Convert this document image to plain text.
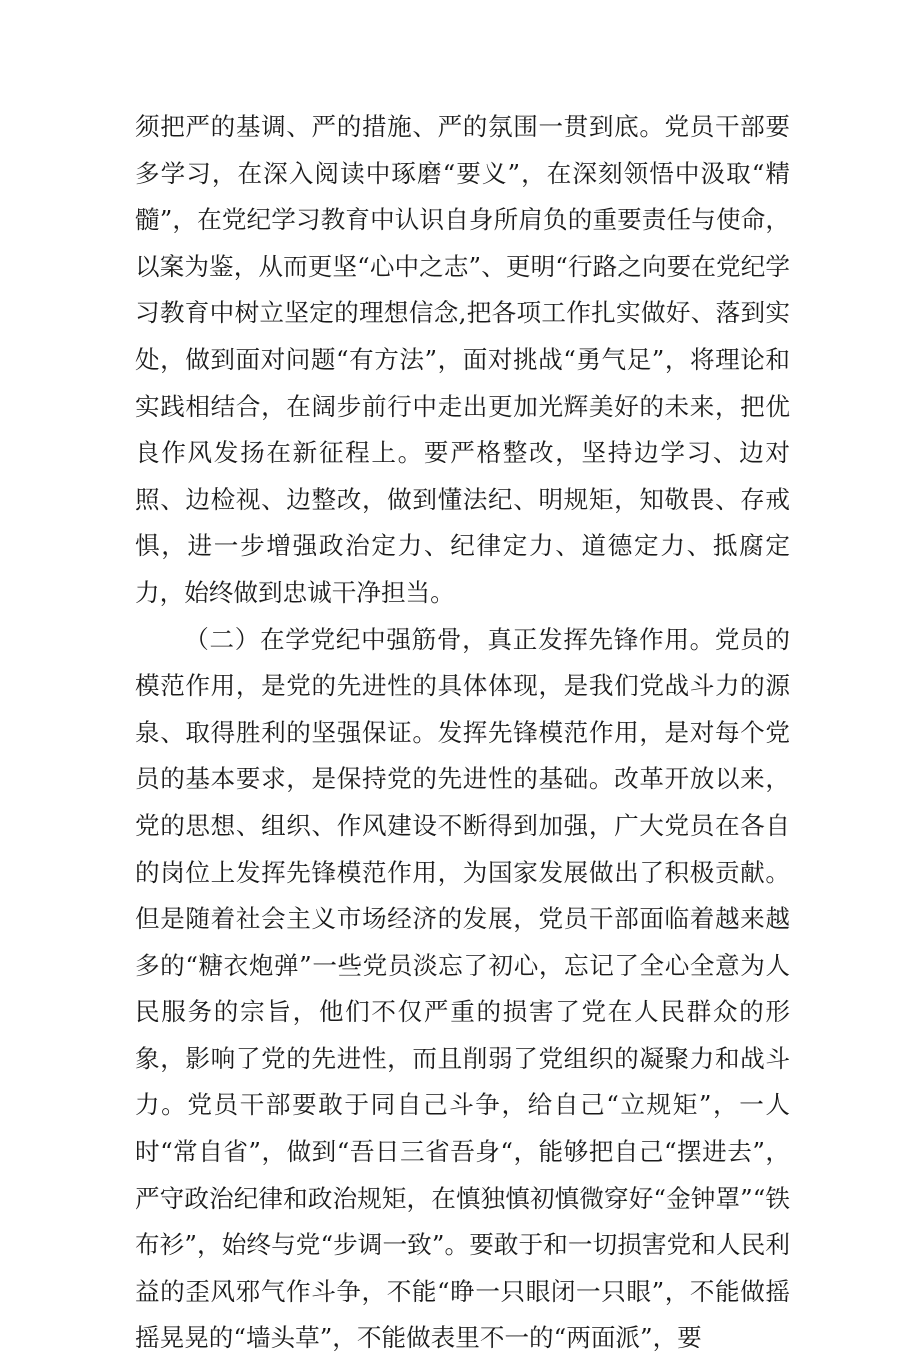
须把严的基调、严的措施、严的氛围一贯到底。党员干部要多学习，在深入阅读中琢磨“要义”，在深刻领悟中汲取“精髓”，在党纪学习教育中认识自身所肩负的重要责任与使命，以案为鉴，从而更坚“心中之志”、更明“行路之向要在党纪学习教育中树立坚定的理想信念,把各项工作扎实做好、落到实处，做到面对问题“有方法”，面对挑战“勇气足”，将理论和实践相结合，在阔步前行中走出更加光辉美好的未来，把优良作风发扬在新征程上。要严格整改，坚持边学习、边对照、边检视、边整改，做到懂法纪、明规矩，知敬畏、存戒惧，进一步增强政治定力、纪律定力、道德定力、抵腐定力，始终做到忠诚干净担当。

（二）在学党纪中强筋骨，真正发挥先锋作用。党员的模范作用，是党的先进性的具体体现，是我们党战斗力的源泉、取得胜利的坚强保证。发挥先锋模范作用，是对每个党员的基本要求，是保持党的先进性的基础。改革开放以来，党的思想、组织、作风建设不断得到加强，广大党员在各自的岗位上发挥先锋模范作用，为国家发展做出了积极贡献。但是随着社会主义市场经济的发展，党员干部面临着越来越多的“糖衣炮弹”一些党员淡忘了初心，忘记了全心全意为人民服务的宗旨，他们不仅严重的损害了党在人民群众的形象，影响了党的先进性，而且削弱了党组织的凝聚力和战斗力。党员干部要敢于同自己斗争，给自己“立规矩”，一人时“常自省”，做到“吾日三省吾身“，能够把自己“摆进去”，严守政治纪律和政治规矩，在慎独慎初慎微穿好“金钟罩”“铁布衫”，始终与党“步调一致”。要敢于和一切损害党和人民利益的歪风邪气作斗争，不能“睁一只眼闭一只眼”，不能做摇摇晃晃的“墙头草”，不能做表里不一的“两面派”，要
